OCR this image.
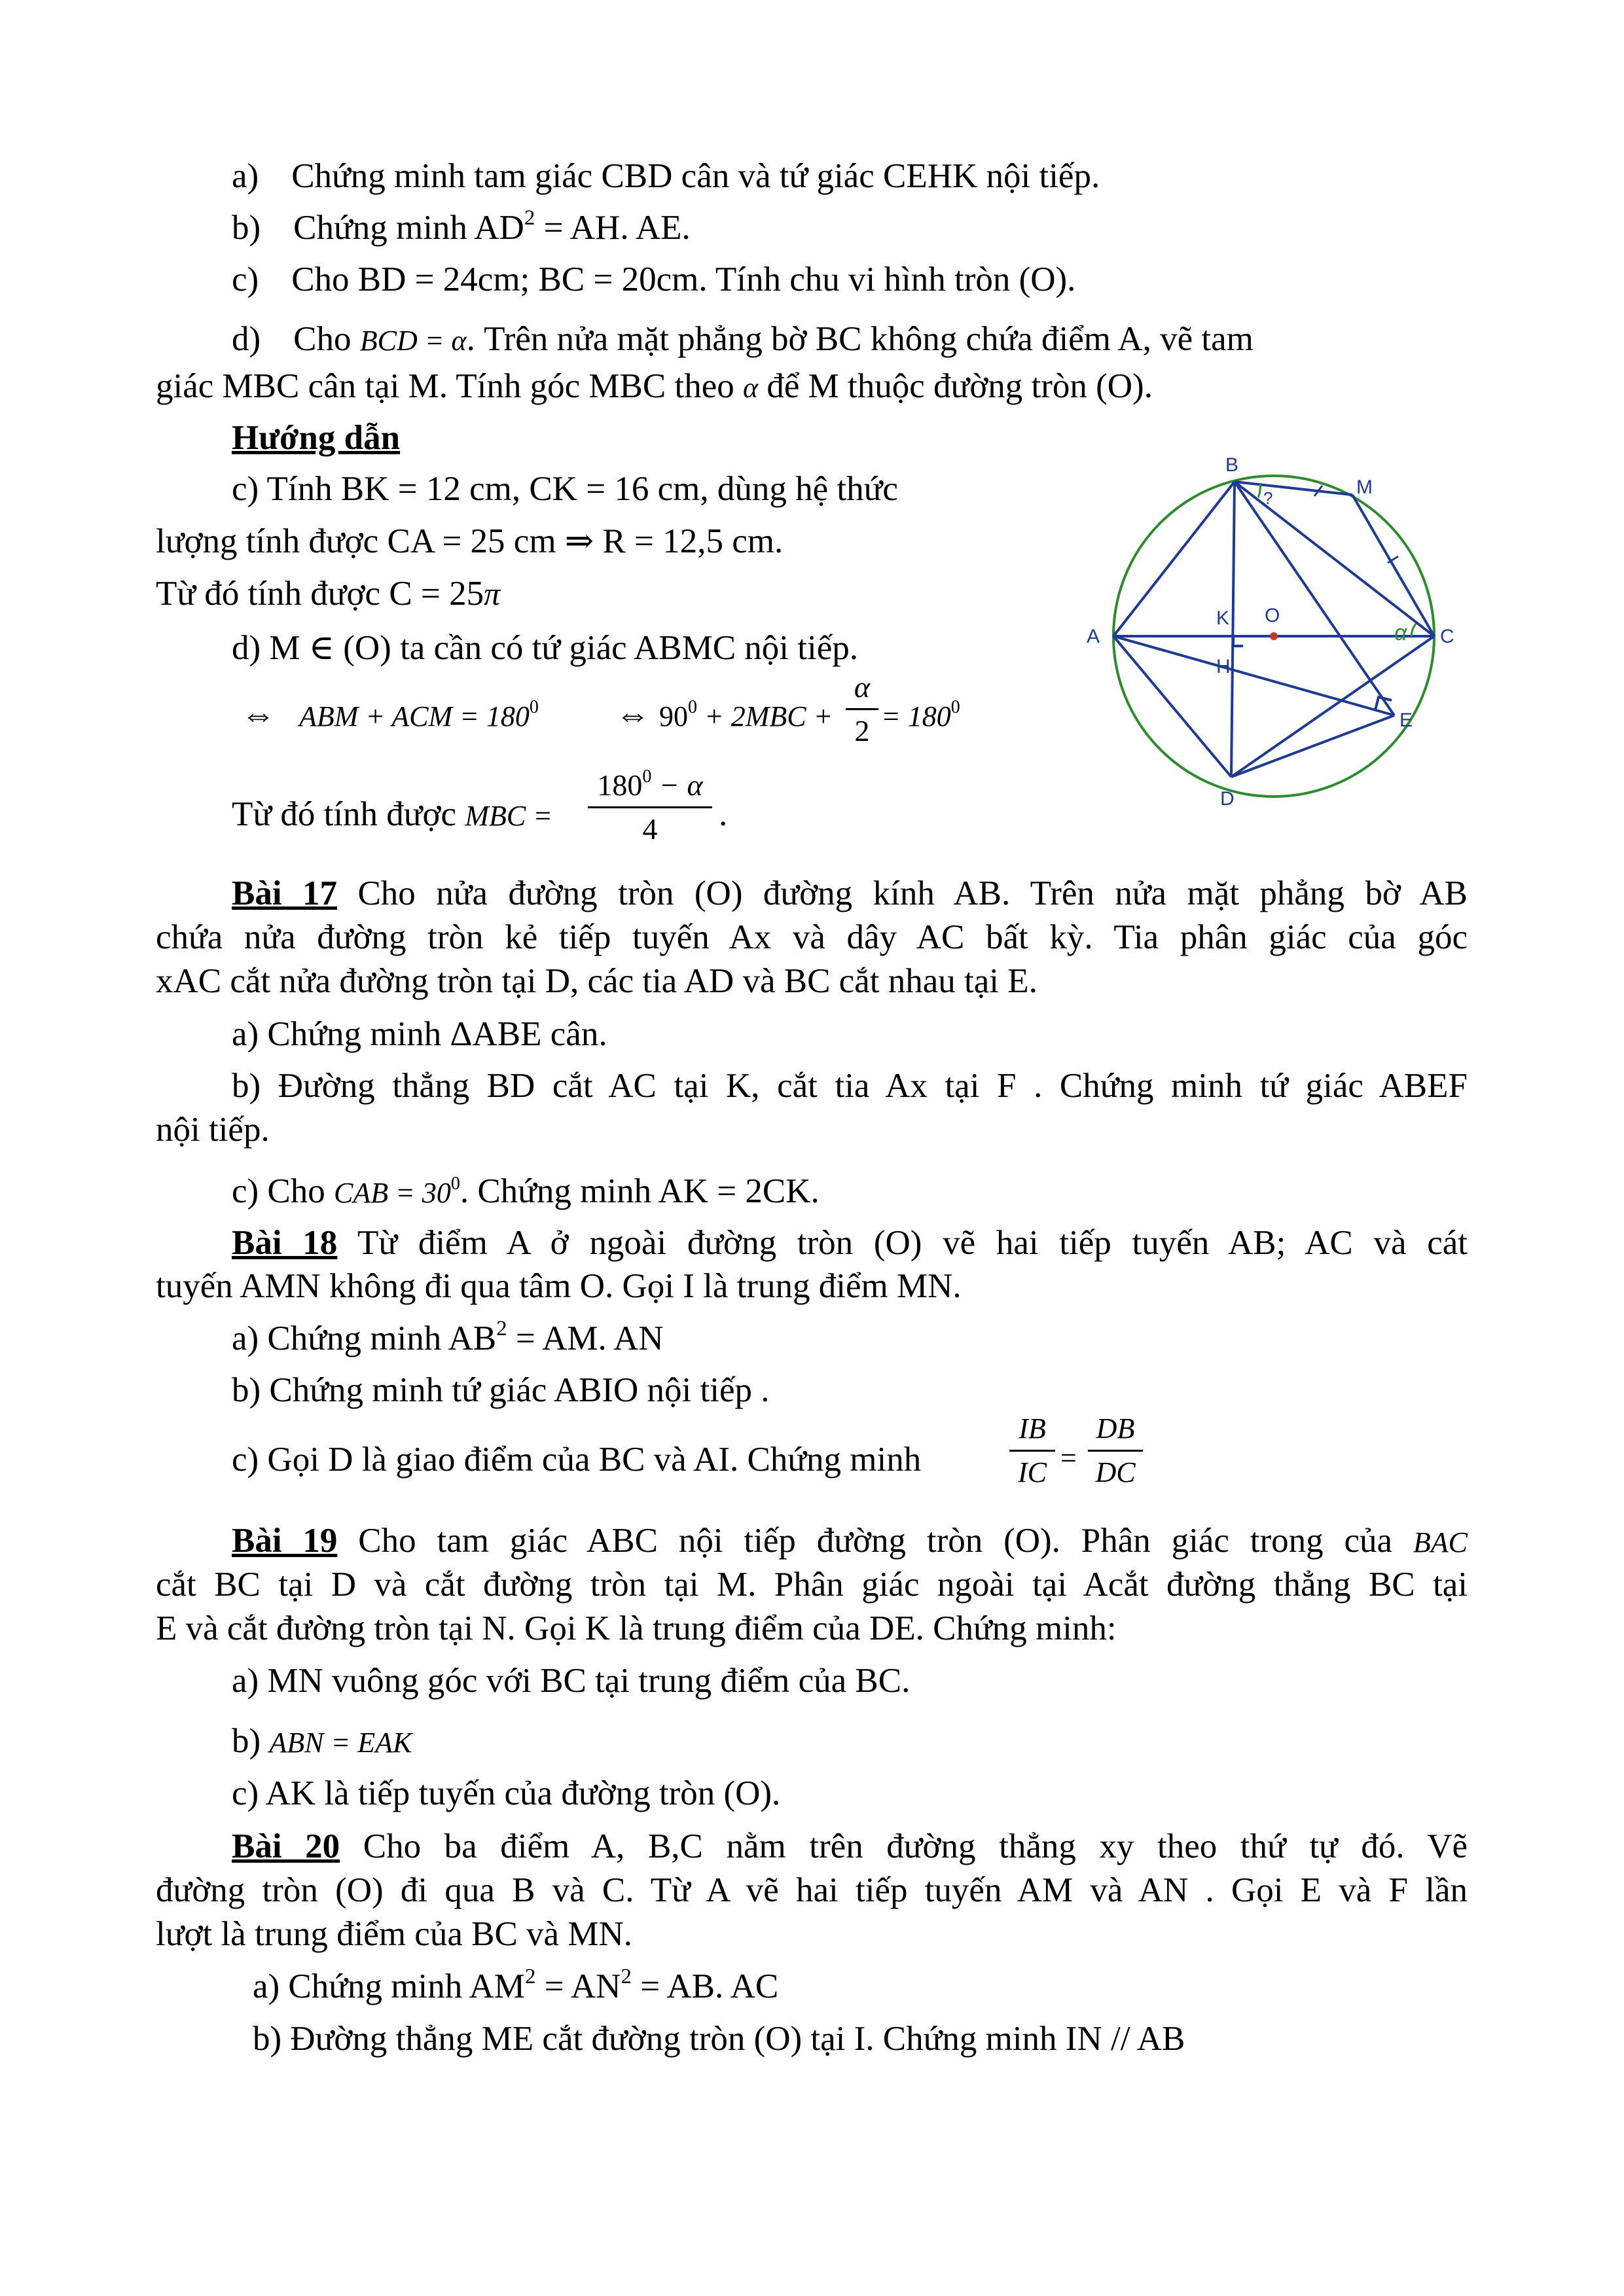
a) Chứng minh tam giác CBD cân và tứ giác CEHK nội tiếp.
b) Chứng minh $AD^2$ = AH. AE.
c) Cho BD = 24cm; BC = 20cm. Tính chu vi hình tròn (O).
d) Cho BCD = α. Trên nửa mặt phẳng bờ BC không chứa điểm A, vẽ tam
giác MBC cân tại M. Tính góc MBC theo α để M thuộc đường tròn (O).
Hướng dẫn
c) Tính BK = 12 cm, CK = 16 cm, dùng hệ thức
lượng tính được CA = 25 cm ⇒ R = 12,5 cm.
Từ đó tính được C = 25π
d) M ∈ (O) ta cần có tứ giác ABMC nội tiếp.
⇔ ABM + ACM = $180^0$ ⇔ $90^0 + 2MBC$ +
α
$2 = 180^0$
Từ đó tính được MBC =
$180^0 - \alpha$
4	.
B
M
A
K O
C
H
E
D
?
α
Bài 17 Cho nửa đường tròn (O) đường kính AB. Trên nửa mặt phẳng bờ AB
chứa nửa đường tròn kẻ tiếp tuyến Ax và dây AC bất kỳ. Tia phân giác của góc
xAC cắt nửa đường tròn tại D, các tia AD và BC cắt nhau tại E.
a) Chứng minh ΔABE cân.
b) Đường thẳng BD cắt AC tại K, cắt tia Ax tại F . Chứng minh tứ giác ABEF
nội tiếp.
c) Cho CAB = $30^0$. Chứng minh AK = 2CK.
Bài 18 Từ điểm A ở ngoài đường tròn (O) vẽ hai tiếp tuyến AB; AC và cát
tuyến AMN không đi qua tâm O. Gọi I là trung điểm MN.
a) Chứng minh $AB^2$ = AM. AN
b) Chứng minh tứ giác ABIO nội tiếp .
c) Gọi D là giao điểm của BC và AI. Chứng minh
IB
IC =
DB
DC
Bài 19 Cho tam giác ABC nội tiếp đường tròn (O). Phân giác trong của BAC
cắt BC tại D và cắt đường tròn tại M. Phân giác ngoài tại Acắt đường thẳng BC tại
E và cắt đường tròn tại N. Gọi K là trung điểm của DE. Chứng minh:
a) MN vuông góc với BC tại trung điểm của BC.
b) ABN = EAK
c) AK là tiếp tuyến của đường tròn (O).
Bài 20 Cho ba điểm A, B,C nằm trên đường thẳng xy theo thứ tự đó. Vẽ
đường tròn (O) đi qua B và C. Từ A vẽ hai tiếp tuyến AM và AN . Gọi E và F lần
lượt là trung điểm của BC và MN.
a) Chứng minh $AM^2 = AN^2$ = AB. AC
b) Đường thẳng ME cắt đường tròn (O) tại I. Chứng minh IN // AB
